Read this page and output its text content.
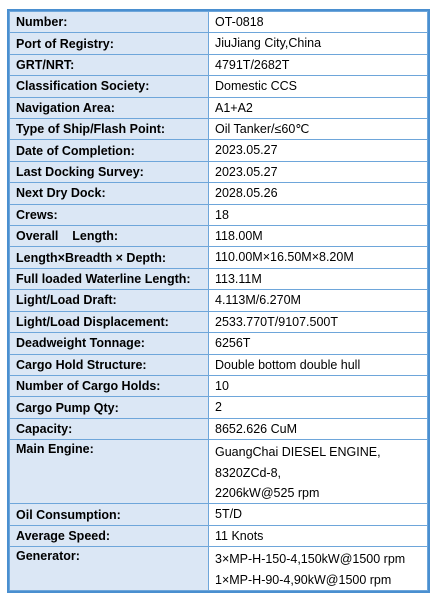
Number:	OT-0818

Port of Registry:	JiuJiang City,China

GRT/NRT:	4791T/2682T

Classification Society:	Domestic CCS

Navigation Area:	A1+A2

Type of Ship/Flash Point:	Oil Tanker/≤60℃

Date of Completion:	2023.05.27

Last Docking Survey:	2023.05.27

Next Dry Dock:	2028.05.26

Crews:	18

Overall    Length:	118.00M

Length×Breadth × Depth:	110.00M×16.50M×8.20M

Full loaded Waterline Length:	113.11M

Light/Load Draft:	4.113M/6.270M

Light/Load Displacement:	2533.770T/9107.500T

Deadweight Tonnage:	6256T

Cargo Hold Structure:	Double bottom double hull

Number of Cargo Holds:	10

Cargo Pump Qty:	2

Capacity:	8652.626 CuM

Main Engine:	GuangChai DIESEL ENGINE,
8320ZCd-8,
2206kW@525 rpm

Oil Consumption:	5T/D

Average Speed:	11 Knots

Generator:	3×MP-H-150-4,150kW@1500 rpm
1×MP-H-90-4,90kW@1500 rpm
